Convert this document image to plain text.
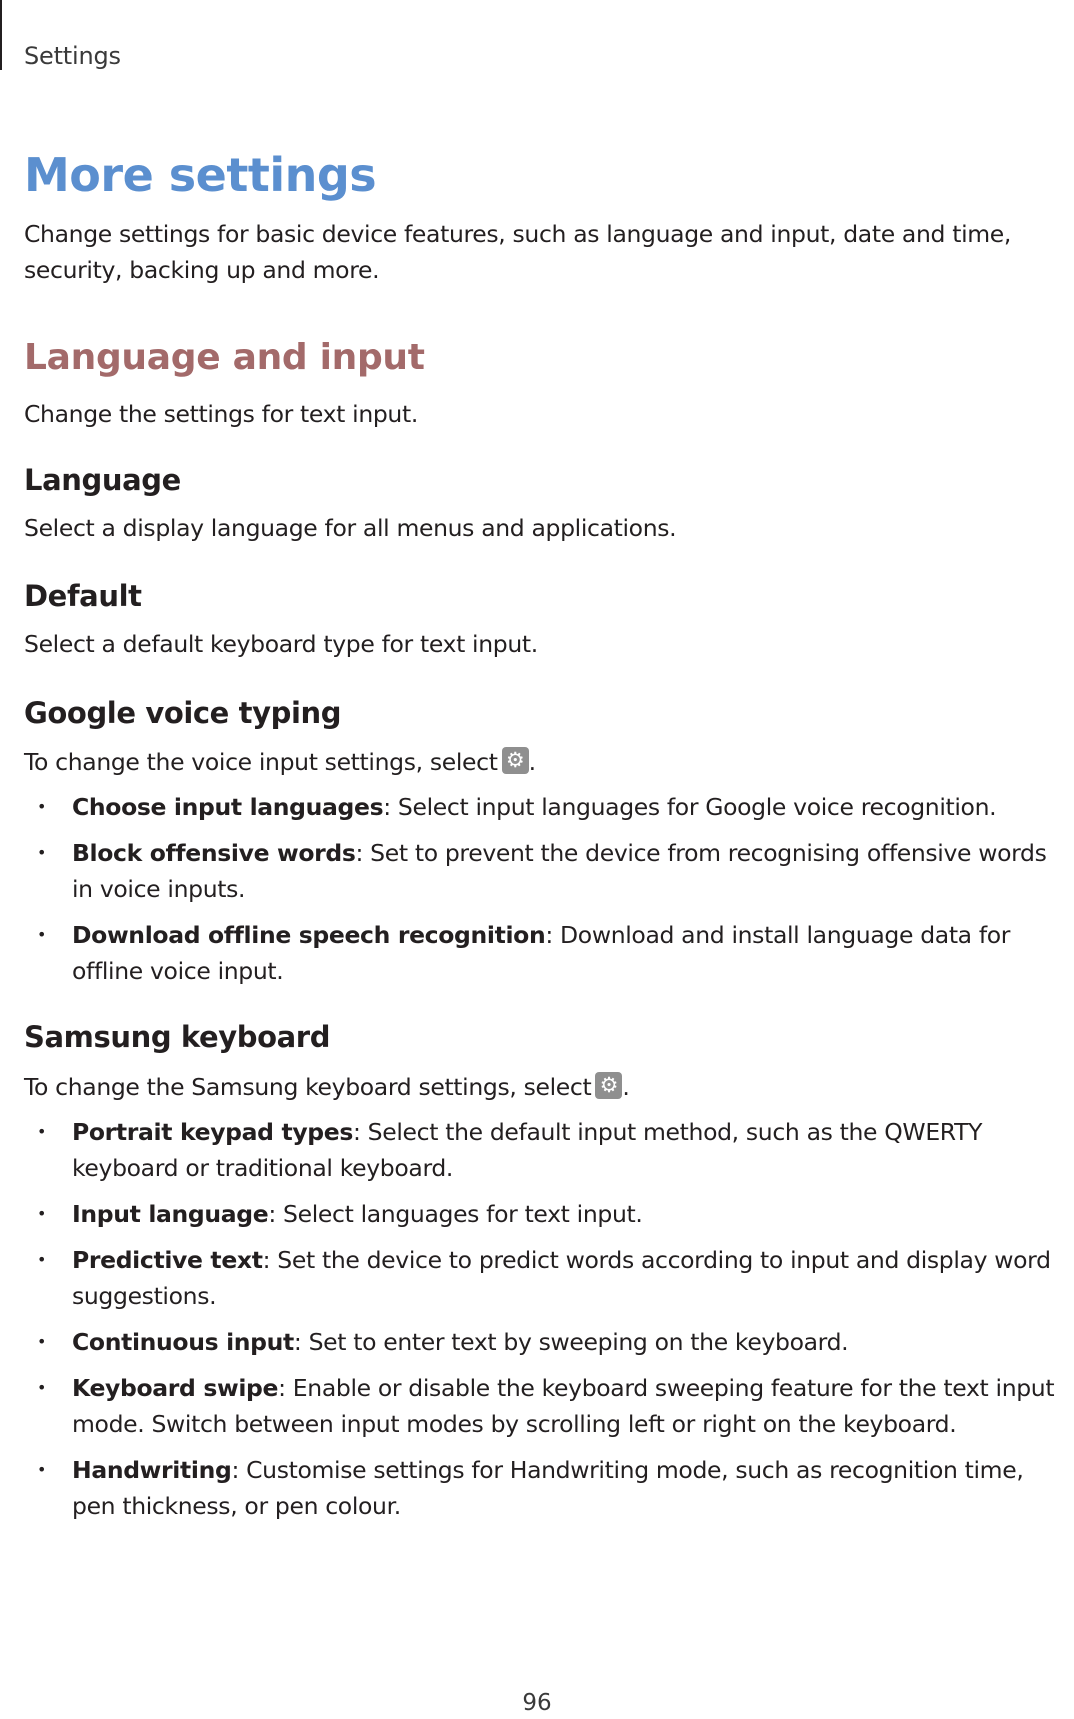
Settings
More settings
Change settings for basic device features, such as language and input, date and time, security, backing up and more.
Language and input
Change the settings for text input.
Language
Select a display language for all menus and applications.
Default
Select a default keyboard type for text input.
Google voice typing
To change the voice input settings, select ⚙ .
• Choose input languages: Select input languages for Google voice recognition.
• Block offensive words: Set to prevent the device from recognising offensive words in voice inputs.
• Download offline speech recognition: Download and install language data for offline voice input.
Samsung keyboard
To change the Samsung keyboard settings, select ⚙ .
• Portrait keypad types: Select the default input method, such as the QWERTY keyboard or traditional keyboard.
• Input language: Select languages for text input.
• Predictive text: Set the device to predict words according to input and display word suggestions.
• Continuous input: Set to enter text by sweeping on the keyboard.
• Keyboard swipe: Enable or disable the keyboard sweeping feature for the text input mode. Switch between input modes by scrolling left or right on the keyboard.
• Handwriting: Customise settings for Handwriting mode, such as recognition time, pen thickness, or pen colour.
96
